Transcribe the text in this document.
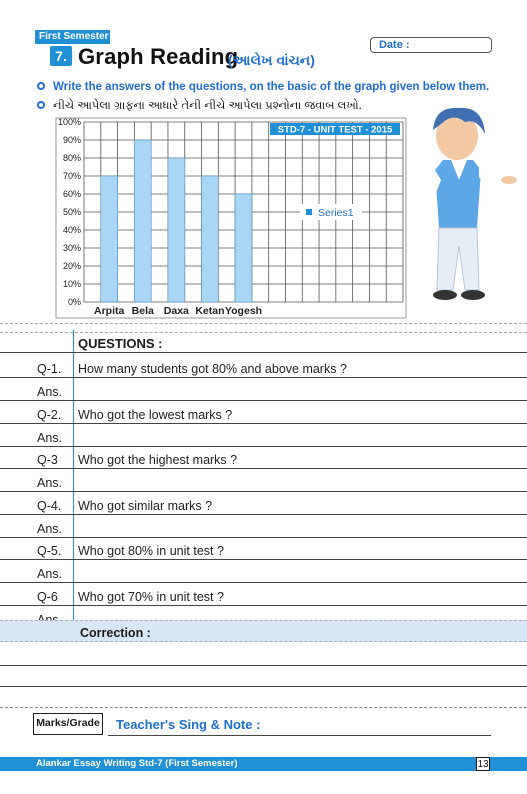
First Semester
7. Graph Reading
(આલેખ વાંચન)
Date :
Write the answers of the questions, on the basic of the graph given below them.
નીચે આપેલા ગ્રાફના આધારે તેની નીચે આપેલા પ્રશ્નોના જવાબ લખો.
0%
10%
20%
30%
40%
50%
60%
70%
80%
90%
100%
Arpita Bela Daxa Ketan Yogesh
STD-7 - UNIT TEST - 2015
Series1
QUESTIONS :
Q-1. How many students got 80% and above marks ?
Ans.
Q-2. Who got the lowest marks ?
Ans.
Q-3 Who got the highest marks ?
Ans.
Q-4. Who got similar marks ?
Ans.
Q-5. Who got 80% in unit test ?
Ans.
Q-6 Who got 70% in unit test ?
Correction :
Marks/Grade Teacher's Sing & Note :
Alankar Essay Writing Std-7 (First Semester)	13
